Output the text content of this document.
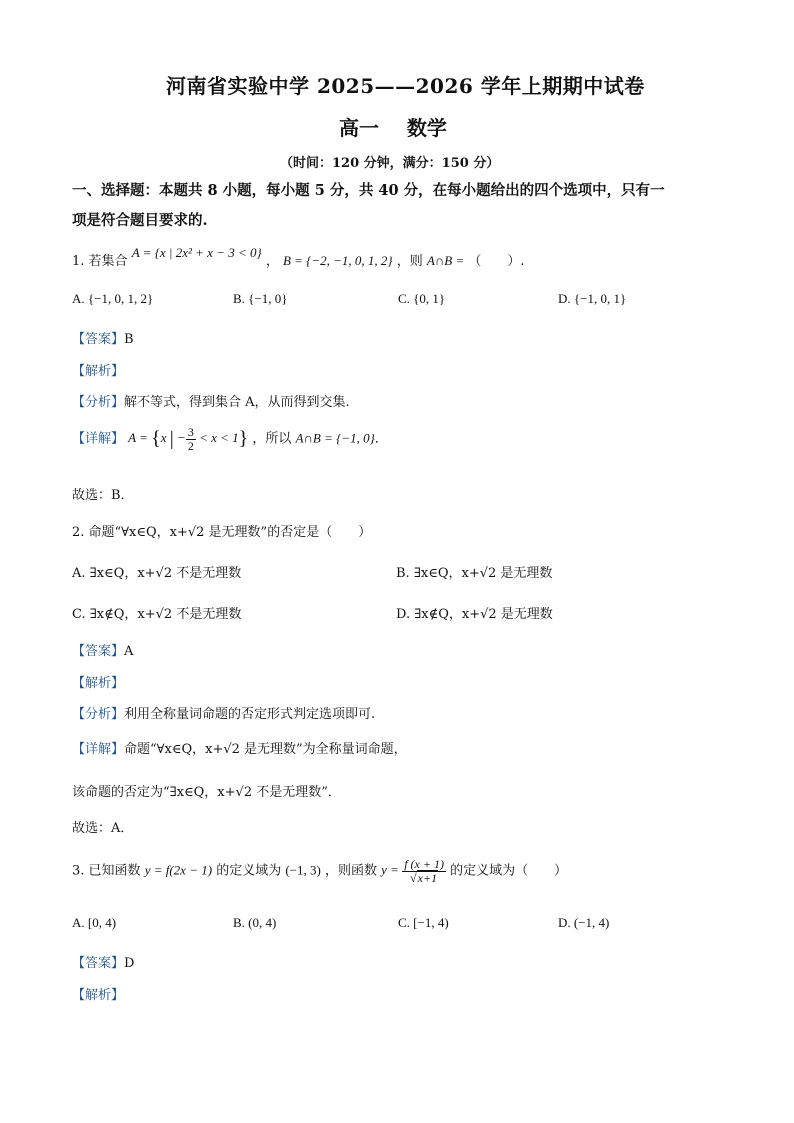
河南省实验中学 2025——2026 学年上期期中试卷
高一    数学
（时间：120 分钟，满分：150 分）
一、选择题：本题共 8 小题，每小题 5 分，共 40 分，在每小题给出的四个选项中，只有一
项是符合题目要求的.
1. 若集合 A = {x | 2x² + x − 3 < 0} ， B = {−2, −1, 0, 1, 2} ，则 A∩B = （　　）.
A. {−1, 0, 1, 2}	B. {−1, 0}	C. {0, 1}	D. {−1, 0, 1}
【答案】B
【解析】
【分析】解不等式，得到集合 A，从而得到交集.
【详解】 A = {x | − $\frac{3}{2} < x < 1$} ，所以 A∩B = {−1, 0}．
故选：B．
2. 命题“∀x∈Q，x+√2 是无理数”的否定是（　　）
A. ∃x∈Q，x+√2 不是无理数	B. ∃x∈Q，x+√2 是无理数
C. ∃x∉Q，x+√2 不是无理数	D. ∃x∉Q，x+√2 是无理数
【答案】A
【解析】
【分析】利用全称量词命题的否定形式判定选项即可.
【详解】命题“∀x∈Q，x+√2 是无理数”为全称量词命题，
该命题的否定为“∃x∈Q，x+√2 不是无理数”．
故选：A．
3. 已知函数 y = f(2x − 1) 的定义域为 (−1, 3) ，则函数 $y = \frac{f (x + 1)}{√x+1}$ 的定义域为（　　）
A. [0, 4)	B. (0, 4)	C. [−1, 4)	D. (−1, 4)
【答案】D
【解析】
